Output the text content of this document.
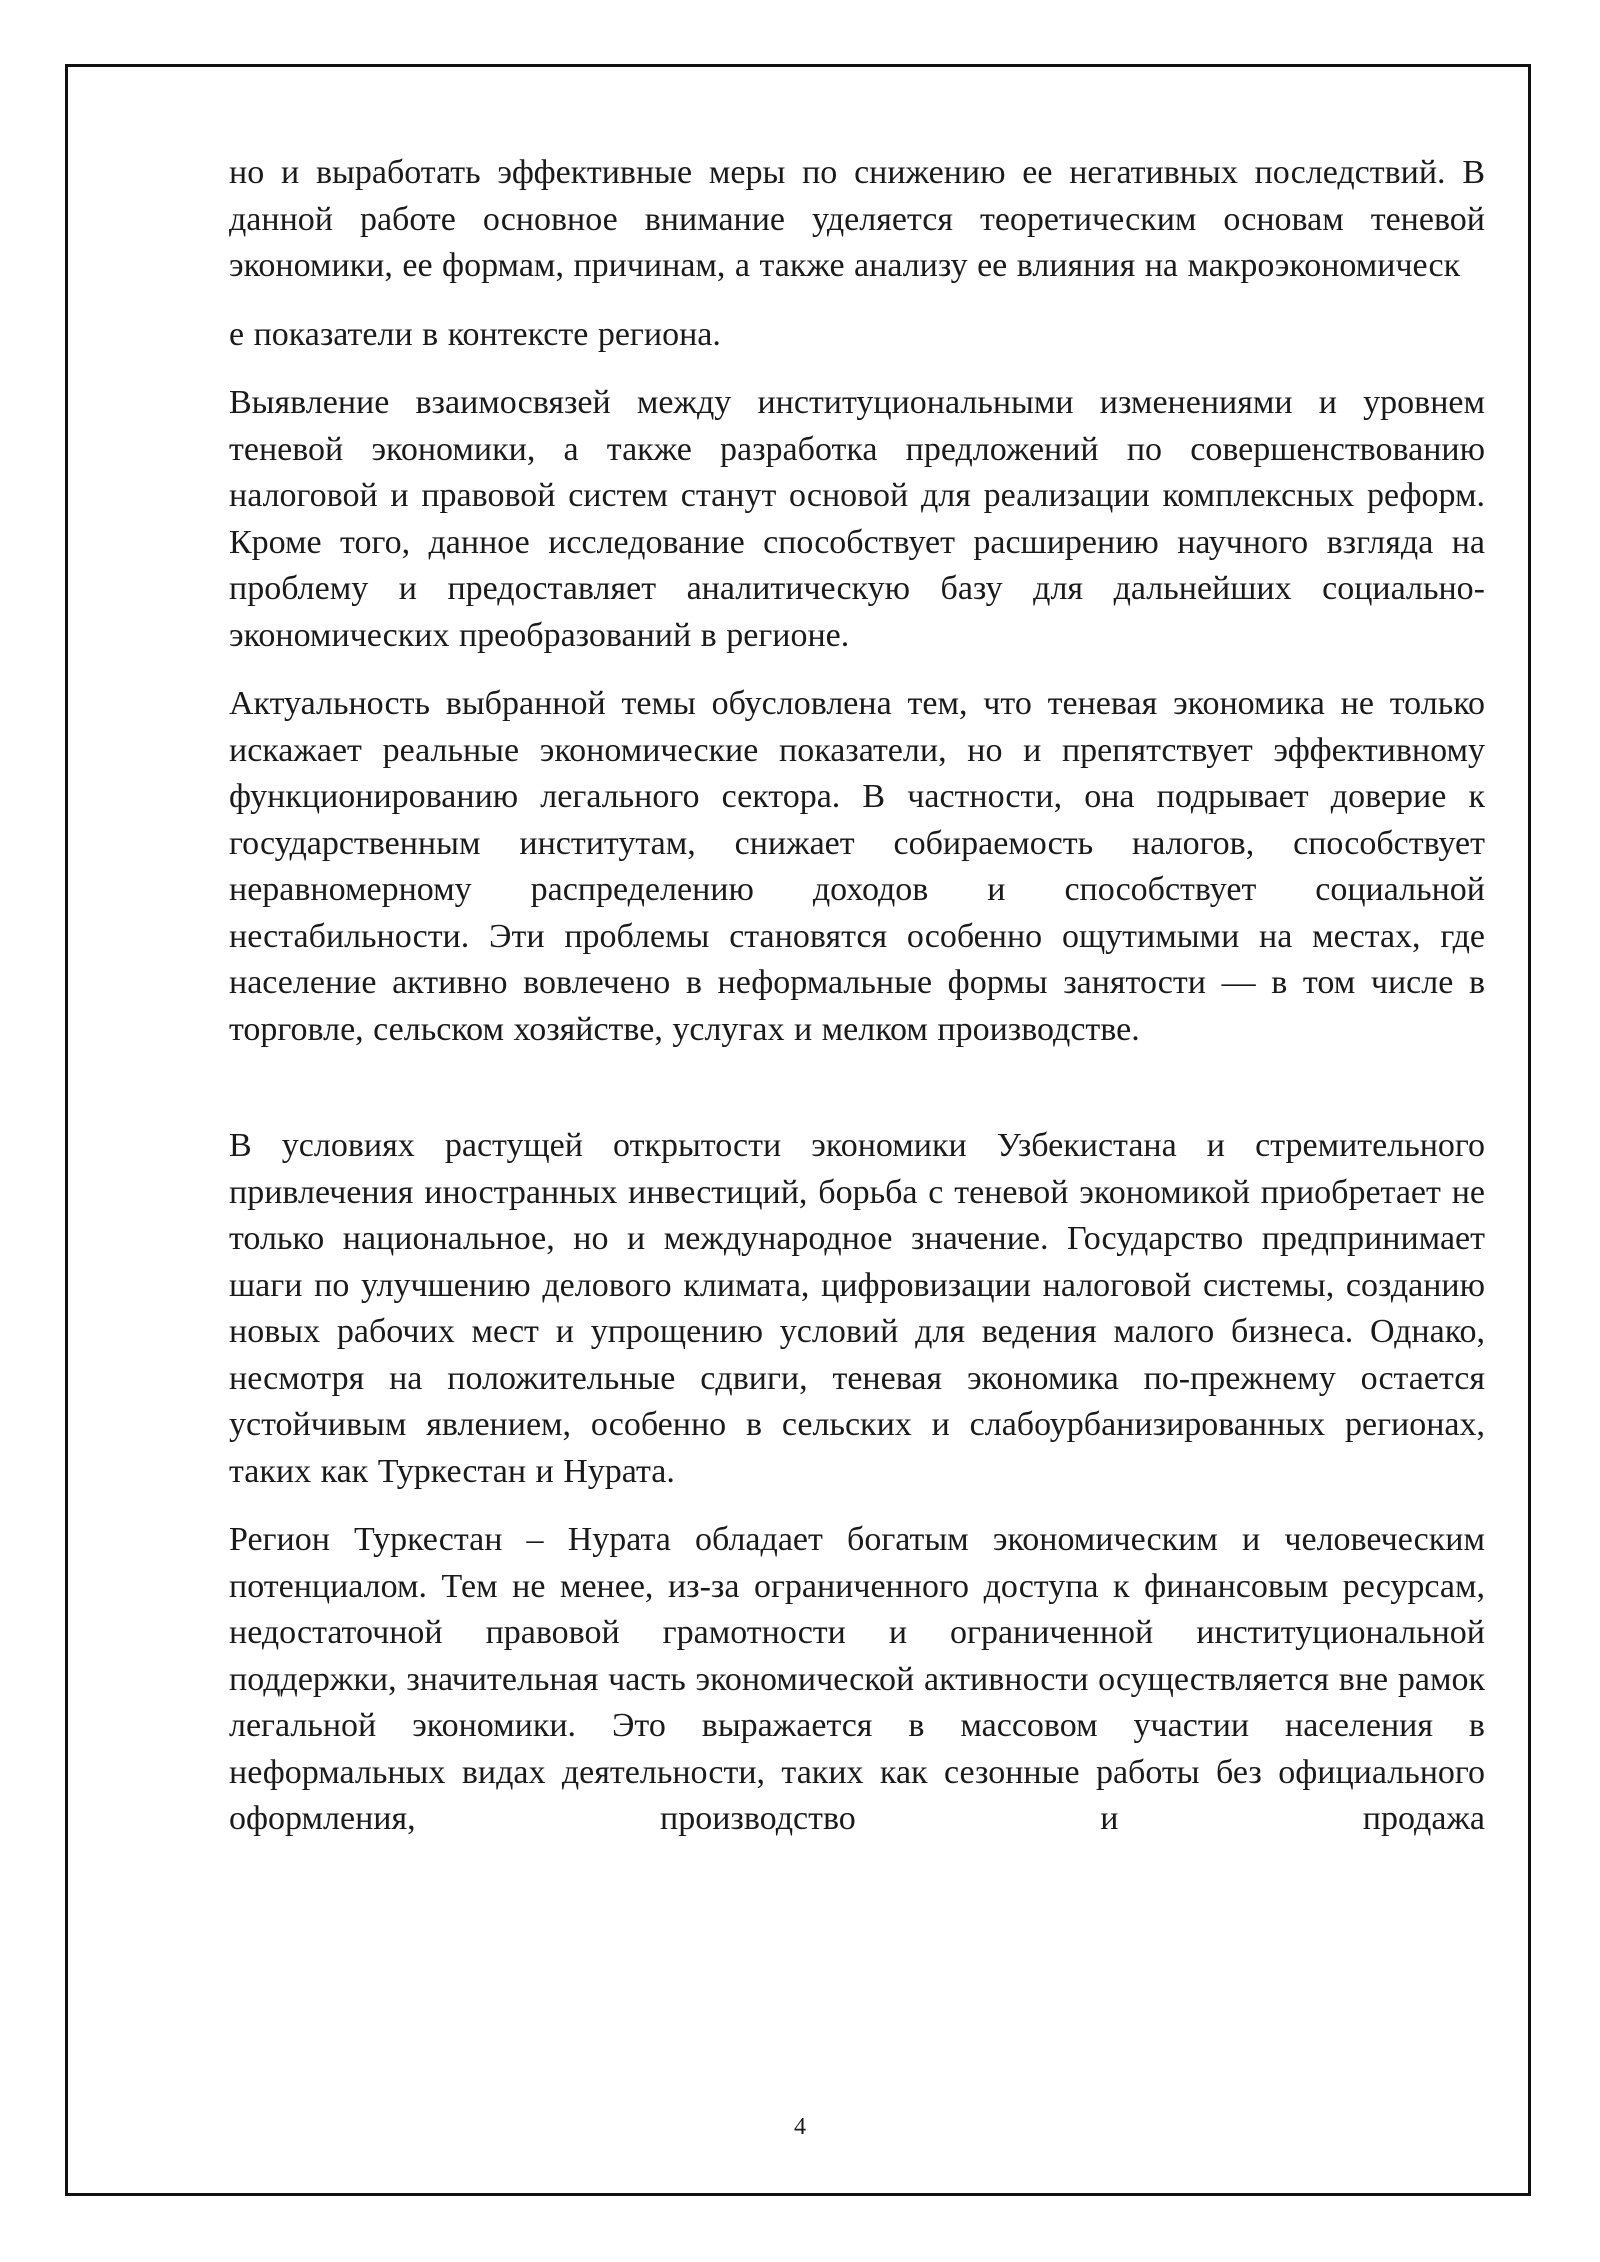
но и выработать эффективные меры по снижению ее негативных последствий. В данной работе основное внимание уделяется теоретическим основам теневой экономики, ее формам, причинам, а также анализу ее влияния на макроэкономическ

е показатели в контексте региона.

Выявление взаимосвязей между институциональными изменениями и уровнем теневой экономики, а также разработка предложений по совершенствованию налоговой и правовой систем станут основой для реализации комплексных реформ. Кроме того, данное исследование способствует расширению научного взгляда на проблему и предоставляет аналитическую базу для дальнейших социально-экономических преобразований в регионе.

Актуальность выбранной темы обусловлена тем, что теневая экономика не только искажает реальные экономические показатели, но и препятствует эффективному функционированию легального сектора. В частности, она подрывает доверие к государственным институтам, снижает собираемость налогов, способствует неравномерному распределению доходов и способствует социальной нестабильности. Эти проблемы становятся особенно ощутимыми на местах, где население активно вовлечено в неформальные формы занятости — в том числе в торговле, сельском хозяйстве, услугах и мелком производстве.

В условиях растущей открытости экономики Узбекистана и стремительного привлечения иностранных инвестиций, борьба с теневой экономикой приобретает не только национальное, но и международное значение. Государство предпринимает шаги по улучшению делового климата, цифровизации налоговой системы, созданию новых рабочих мест и упрощению условий для ведения малого бизнеса. Однако, несмотря на положительные сдвиги, теневая экономика по-прежнему остается устойчивым явлением, особенно в сельских и слабоурбанизированных регионах, таких как Туркестан и Нурата.

Регион Туркестан – Нурата обладает богатым экономическим и человеческим потенциалом. Тем не менее, из-за ограниченного доступа к финансовым ресурсам, недостаточной правовой грамотности и ограниченной институциональной поддержки, значительная часть экономической активности осуществляется вне рамок легальной экономики. Это выражается в массовом участии населения в неформальных видах деятельности, таких как сезонные работы без официального оформления, производство и продажа

4
